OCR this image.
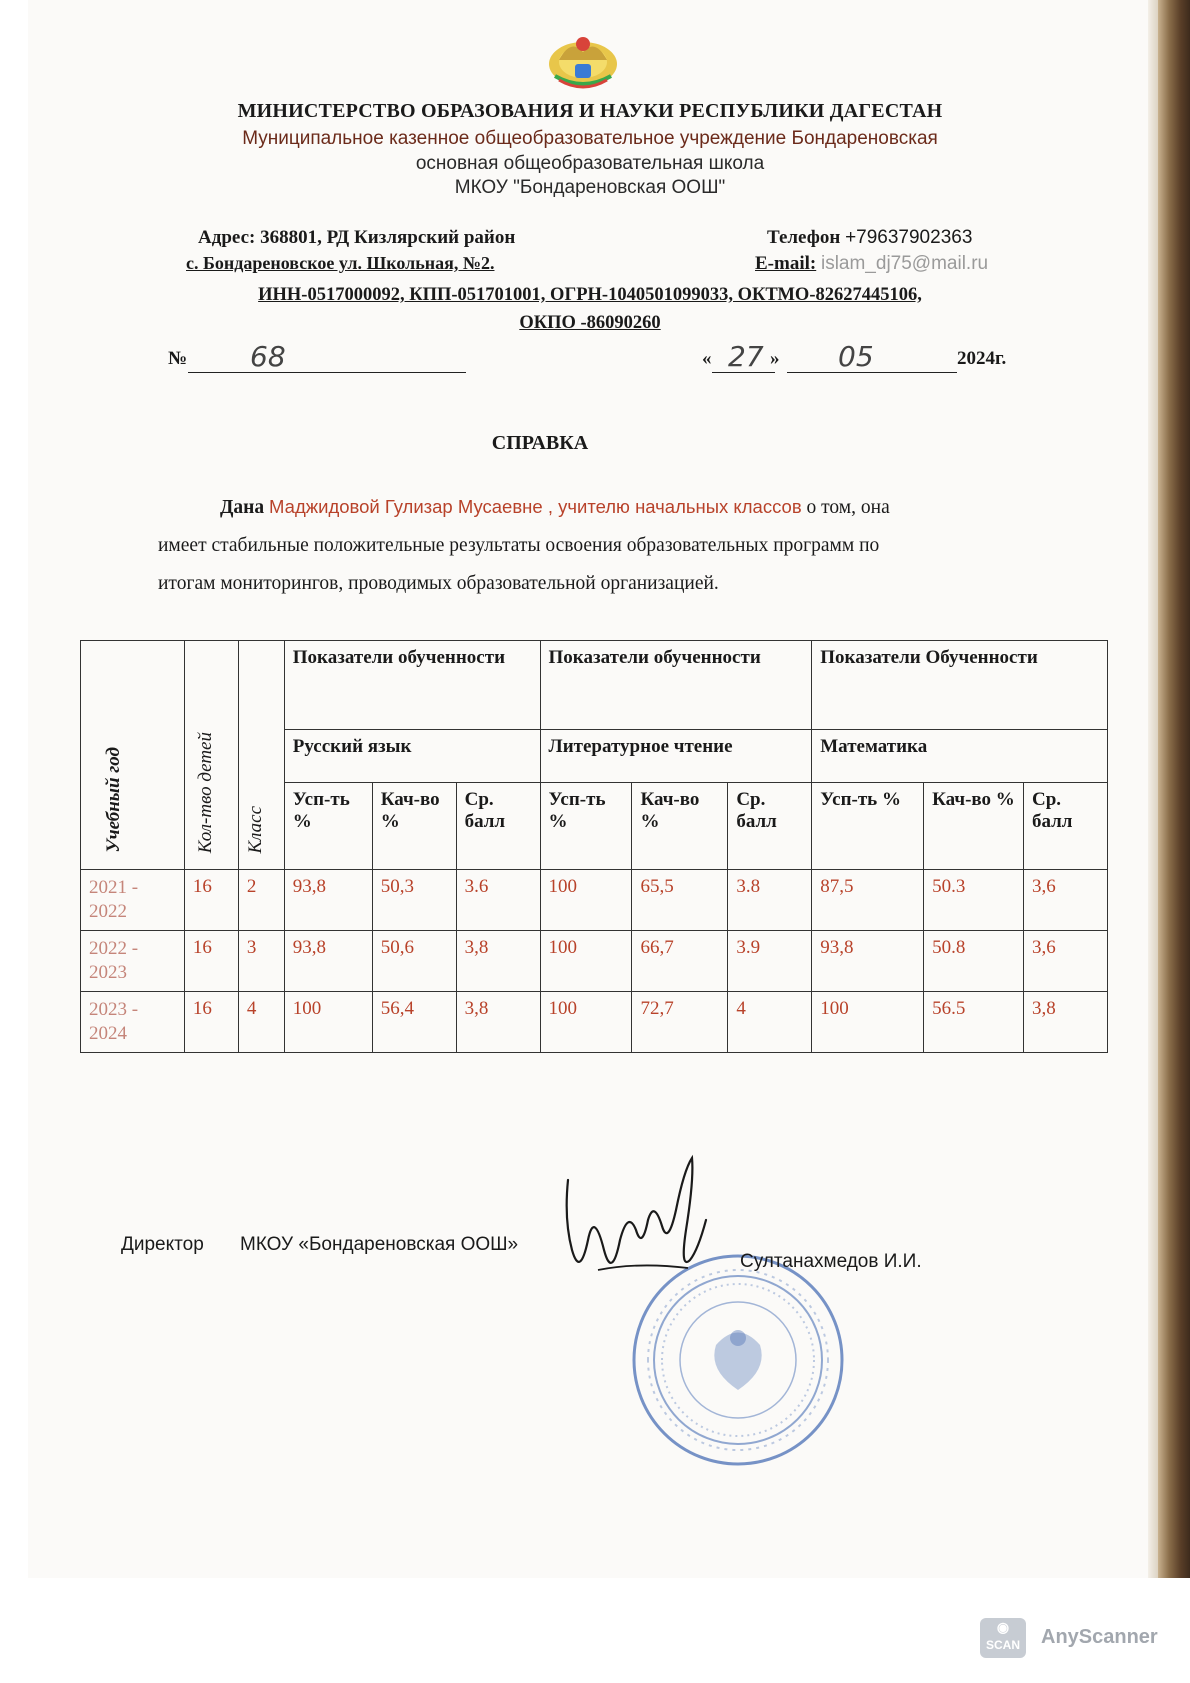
МИНИСТЕРСТВО ОБРАЗОВАНИЯ И НАУКИ РЕСПУБЛИКИ ДАГЕСТАН
Муниципальное казенное общеобразовательное учреждение Бондареновская
основная общеобразовательная школа
МКОУ "Бондареновская ООШ"
Адрес: 368801, РД Кизлярский район
с. Бондареновское ул. Школьная, №2.
Телефон +79637902363
E-mail: islam_dj75@mail.ru
ИНН-0517000092, КПП-051701001, ОГРН-1040501099033, ОКТМО-82627445106,
ОКПО -86090260
№ 68	« 27 » 05	2024г.
СПРАВКА
Дана Маджидовой Гулизар Мусаевне , учителю начальных классов о том, она
имеет стабильные положительные результаты освоения образовательных программ по
итогам мониторингов, проводимых образовательной организацией.
Учебный год	Кол-тво детей	Класс	Показатели обученности			Показатели обученности			Показатели Обученности		
			Русский язык			Литературное чтение			Математика		
			Усп-ть %	Кач-во %	Ср. балл	Усп-ть %	Кач-во %	Ср. балл	Усп-ть %	Кач-во %	Ср. балл
2021 - 2022	16	2	93,8	50,3	3.6	100	65,5	3.8	87,5	50.3	3,6
2022 - 2023	16	3	93,8	50,6	3,8	100	66,7	3.9	93,8	50.8	3,6
2023 - 2024	16	4	100	56,4	3,8	100	72,7	4	100	56.5	3,8
Директор МКОУ «Бондареновская ООШ»
Султанахмедов И.И.
◉
SCAN	AnyScanner
